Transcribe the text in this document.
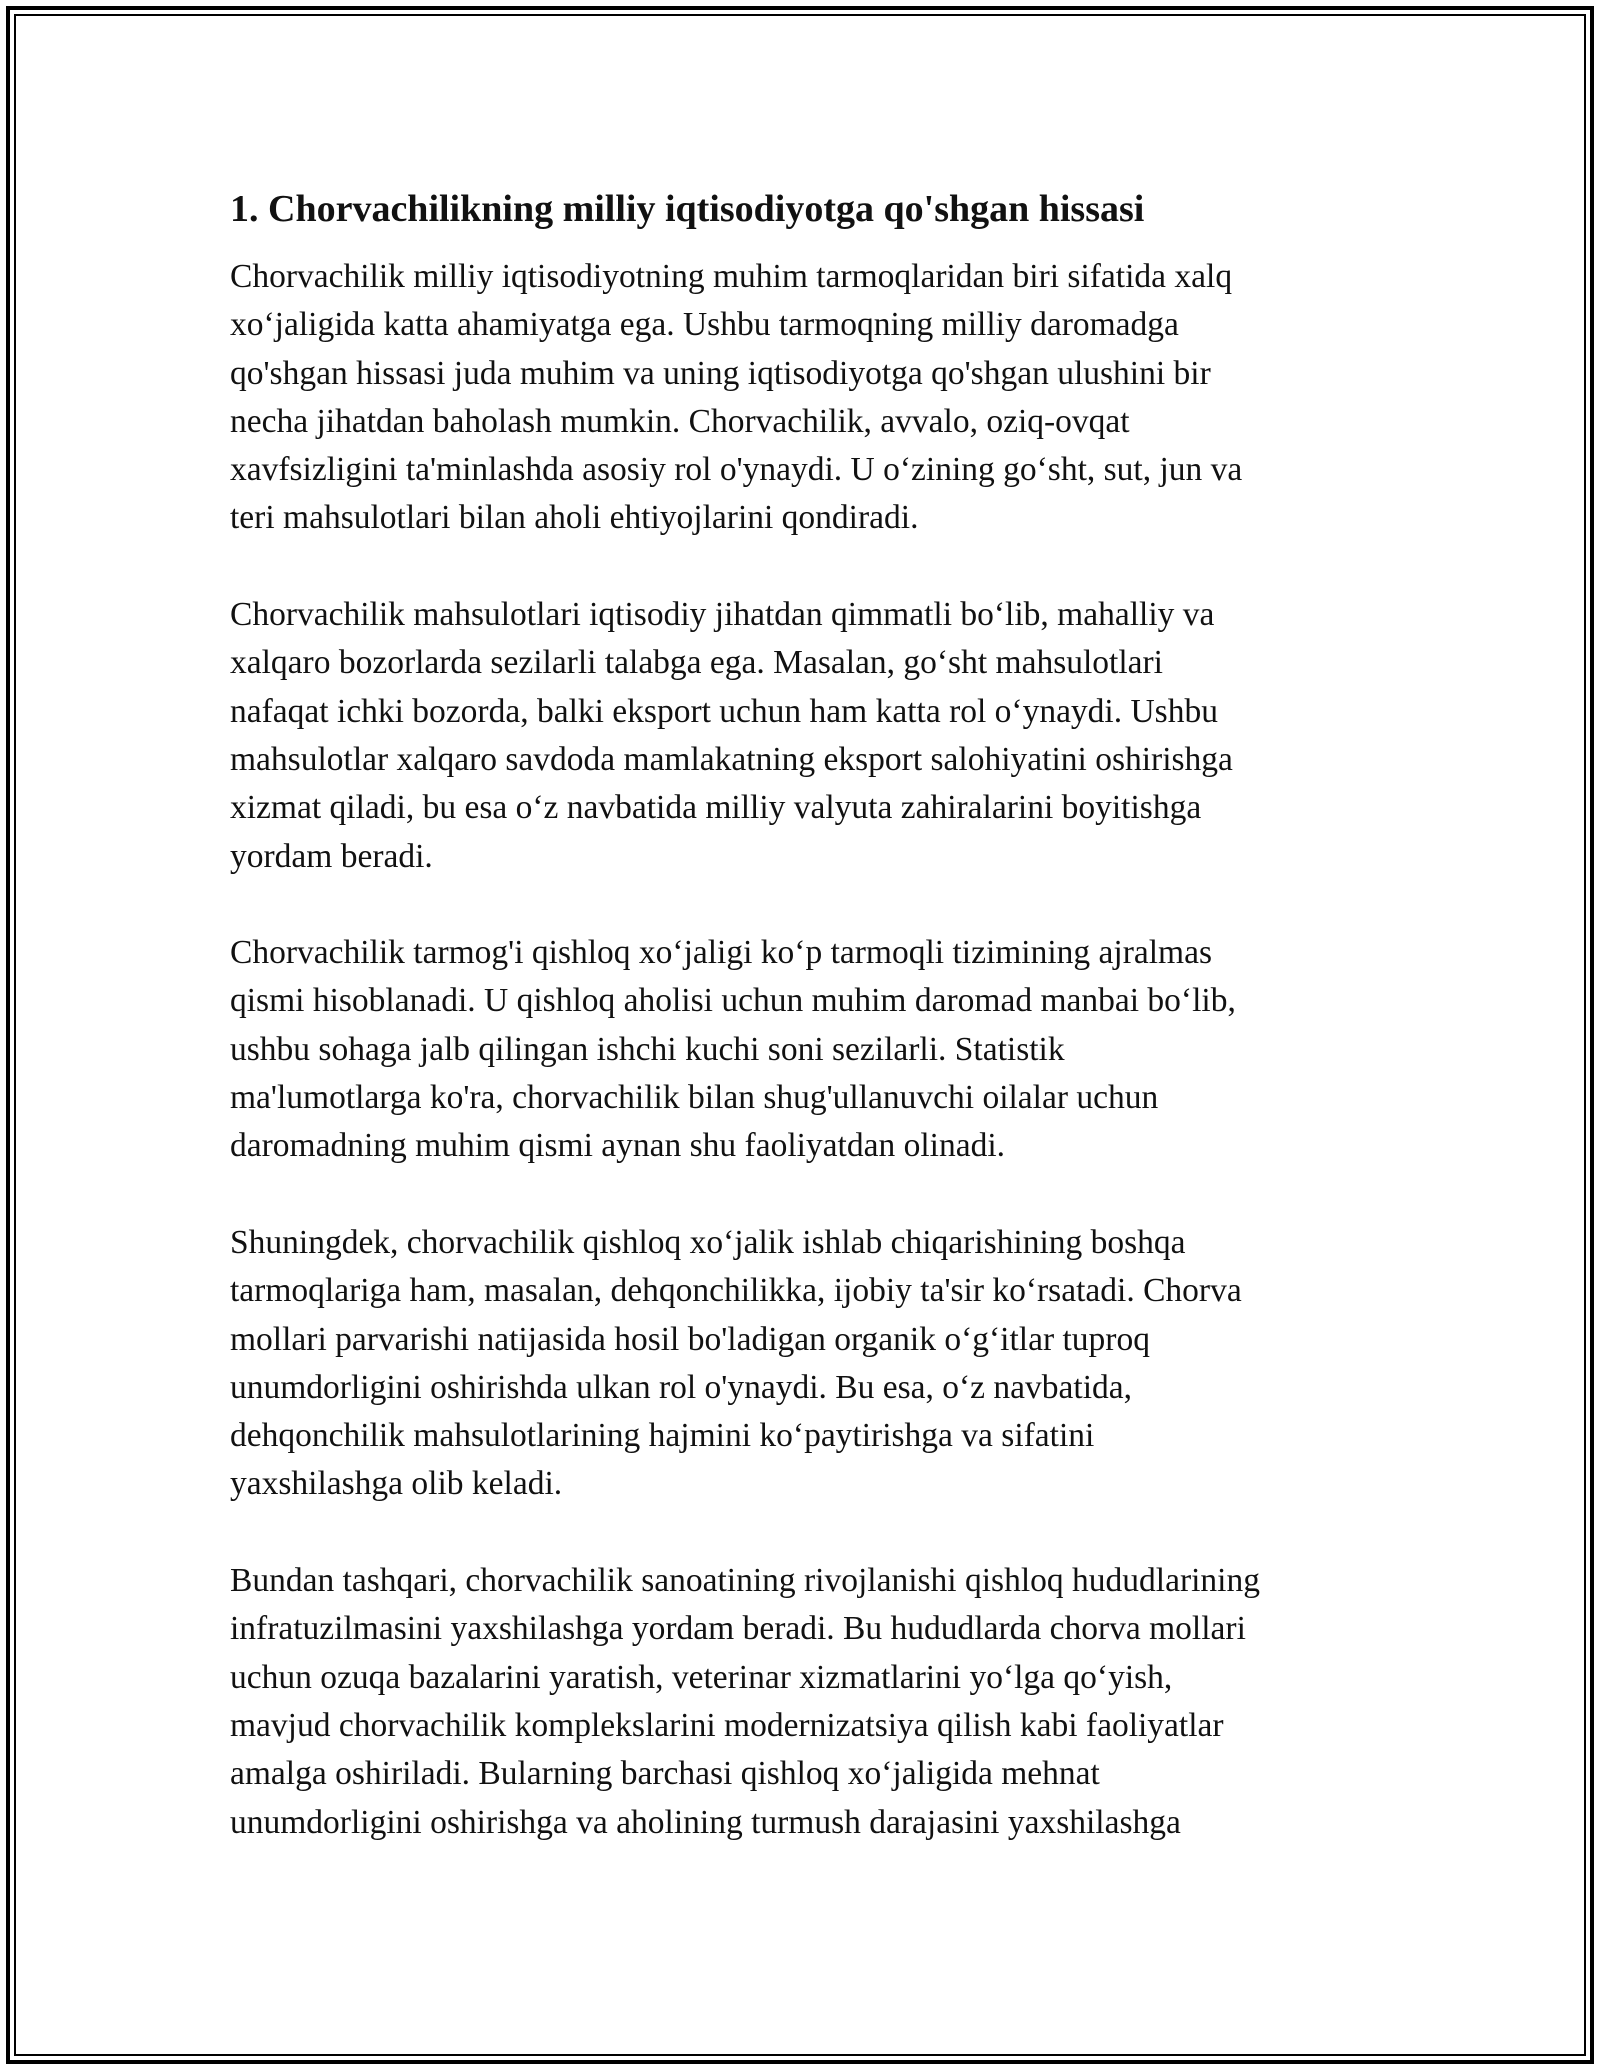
1. Chorvachilikning milliy iqtisodiyotga qo'shgan hissasi
Chorvachilik milliy iqtisodiyotning muhim tarmoqlaridan biri sifatida xalq
xo‘jaligida katta ahamiyatga ega. Ushbu tarmoqning milliy daromadga
qo'shgan hissasi juda muhim va uning iqtisodiyotga qo'shgan ulushini bir
necha jihatdan baholash mumkin. Chorvachilik, avvalo, oziq-ovqat
xavfsizligini ta'minlashda asosiy rol o'ynaydi. U o‘zining go‘sht, sut, jun va
teri mahsulotlari bilan aholi ehtiyojlarini qondiradi.
Chorvachilik mahsulotlari iqtisodiy jihatdan qimmatli bo‘lib, mahalliy va
xalqaro bozorlarda sezilarli talabga ega. Masalan, go‘sht mahsulotlari
nafaqat ichki bozorda, balki eksport uchun ham katta rol o‘ynaydi. Ushbu
mahsulotlar xalqaro savdoda mamlakatning eksport salohiyatini oshirishga
xizmat qiladi, bu esa o‘z navbatida milliy valyuta zahiralarini boyitishga
yordam beradi.
Chorvachilik tarmog'i qishloq xo‘jaligi ko‘p tarmoqli tizimining ajralmas
qismi hisoblanadi. U qishloq aholisi uchun muhim daromad manbai bo‘lib,
ushbu sohaga jalb qilingan ishchi kuchi soni sezilarli. Statistik
ma'lumotlarga ko'ra, chorvachilik bilan shug'ullanuvchi oilalar uchun
daromadning muhim qismi aynan shu faoliyatdan olinadi.
Shuningdek, chorvachilik qishloq xo‘jalik ishlab chiqarishining boshqa
tarmoqlariga ham, masalan, dehqonchilikka, ijobiy ta'sir ko‘rsatadi. Chorva
mollari parvarishi natijasida hosil bo'ladigan organik o‘g‘itlar tuproq
unumdorligini oshirishda ulkan rol o'ynaydi. Bu esa, o‘z navbatida,
dehqonchilik mahsulotlarining hajmini ko‘paytirishga va sifatini
yaxshilashga olib keladi.
Bundan tashqari, chorvachilik sanoatining rivojlanishi qishloq hududlarining
infratuzilmasini yaxshilashga yordam beradi. Bu hududlarda chorva mollari
uchun ozuqa bazalarini yaratish, veterinar xizmatlarini yo‘lga qo‘yish,
mavjud chorvachilik komplekslarini modernizatsiya qilish kabi faoliyatlar
amalga oshiriladi. Bularning barchasi qishloq xo‘jaligida mehnat
unumdorligini oshirishga va aholining turmush darajasini yaxshilashga
